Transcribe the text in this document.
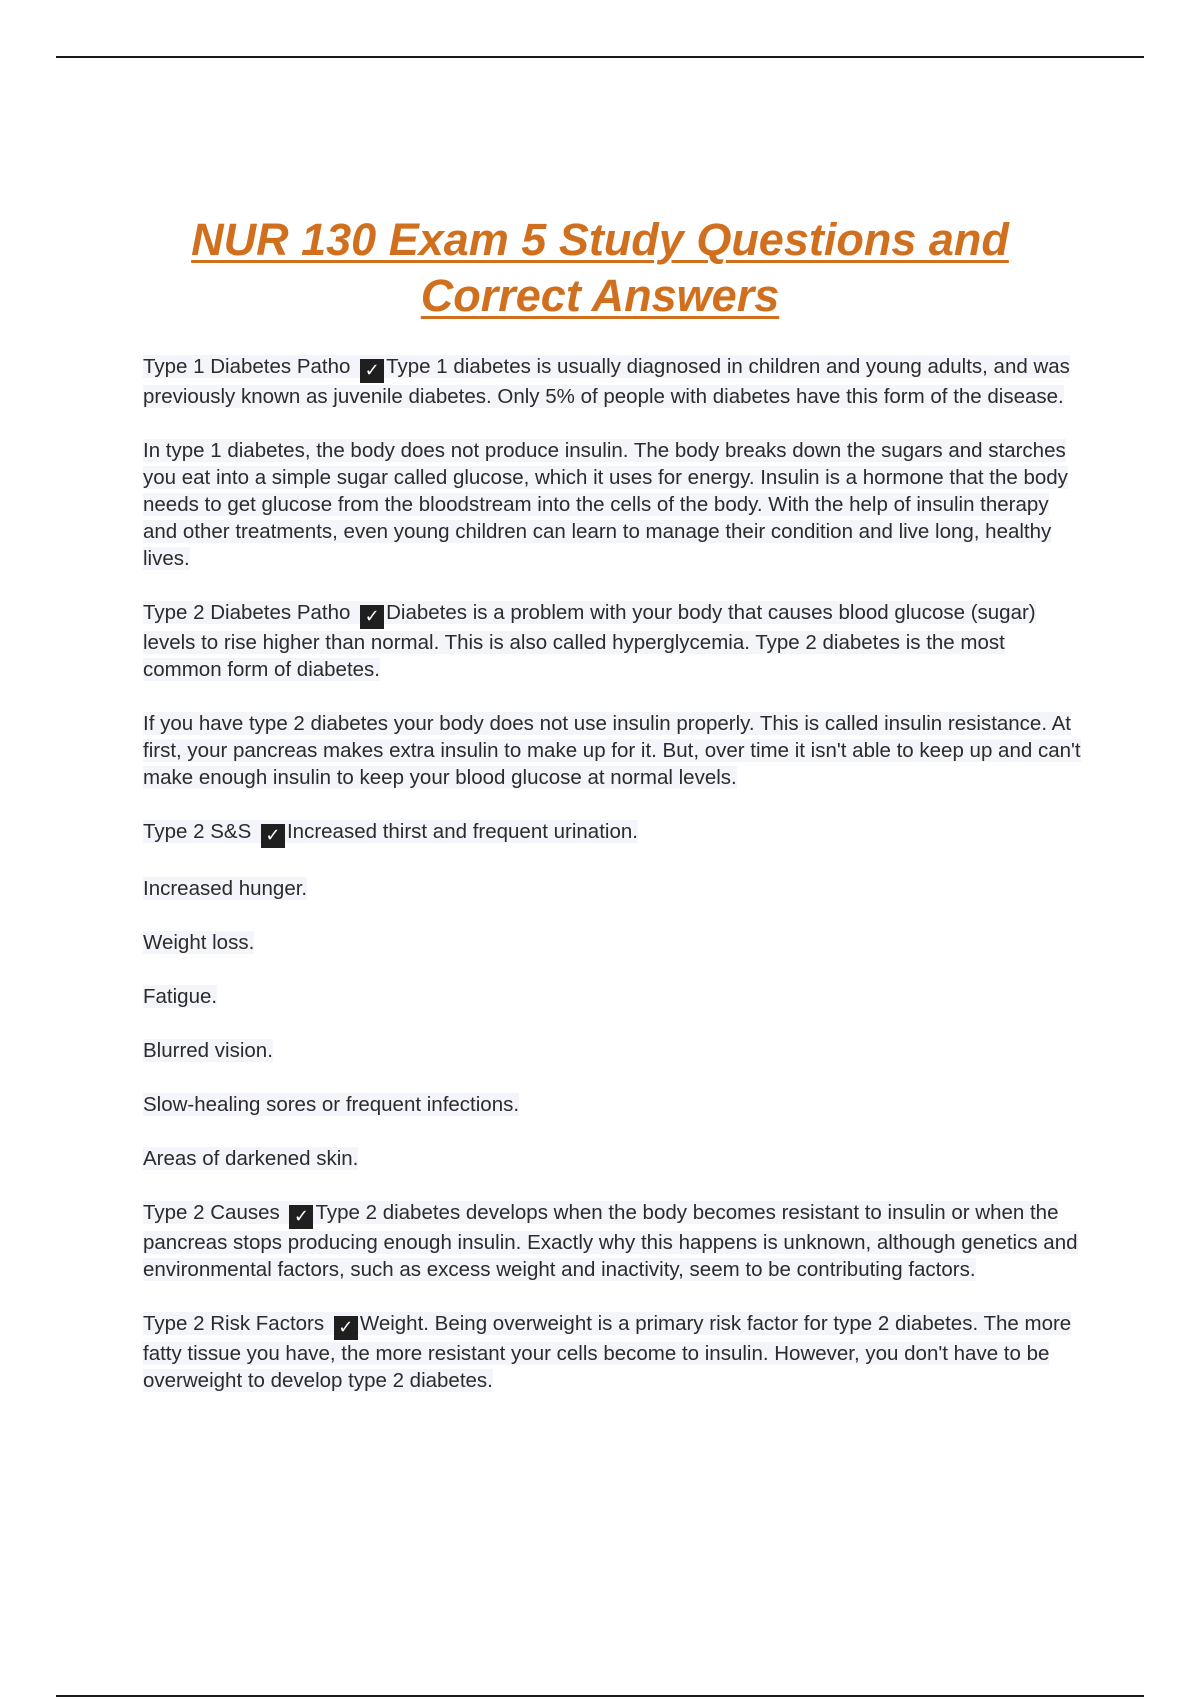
NUR 130 Exam 5 Study Questions and Correct Answers

Type 1 Diabetes Patho ✓ Type 1 diabetes is usually diagnosed in children and young adults, and was previously known as juvenile diabetes. Only 5% of people with diabetes have this form of the disease.

In type 1 diabetes, the body does not produce insulin. The body breaks down the sugars and starches you eat into a simple sugar called glucose, which it uses for energy. Insulin is a hormone that the body needs to get glucose from the bloodstream into the cells of the body. With the help of insulin therapy and other treatments, even young children can learn to manage their condition and live long, healthy lives.

Type 2 Diabetes Patho ✓ Diabetes is a problem with your body that causes blood glucose (sugar) levels to rise higher than normal. This is also called hyperglycemia. Type 2 diabetes is the most common form of diabetes.

If you have type 2 diabetes your body does not use insulin properly. This is called insulin resistance. At first, your pancreas makes extra insulin to make up for it. But, over time it isn't able to keep up and can't make enough insulin to keep your blood glucose at normal levels.

Type 2 S&S ✓ Increased thirst and frequent urination.

Increased hunger.

Weight loss.

Fatigue.

Blurred vision.

Slow-healing sores or frequent infections.

Areas of darkened skin.

Type 2 Causes ✓ Type 2 diabetes develops when the body becomes resistant to insulin or when the pancreas stops producing enough insulin. Exactly why this happens is unknown, although genetics and environmental factors, such as excess weight and inactivity, seem to be contributing factors.

Type 2 Risk Factors ✓ Weight. Being overweight is a primary risk factor for type 2 diabetes. The more fatty tissue you have, the more resistant your cells become to insulin. However, you don't have to be overweight to develop type 2 diabetes.
